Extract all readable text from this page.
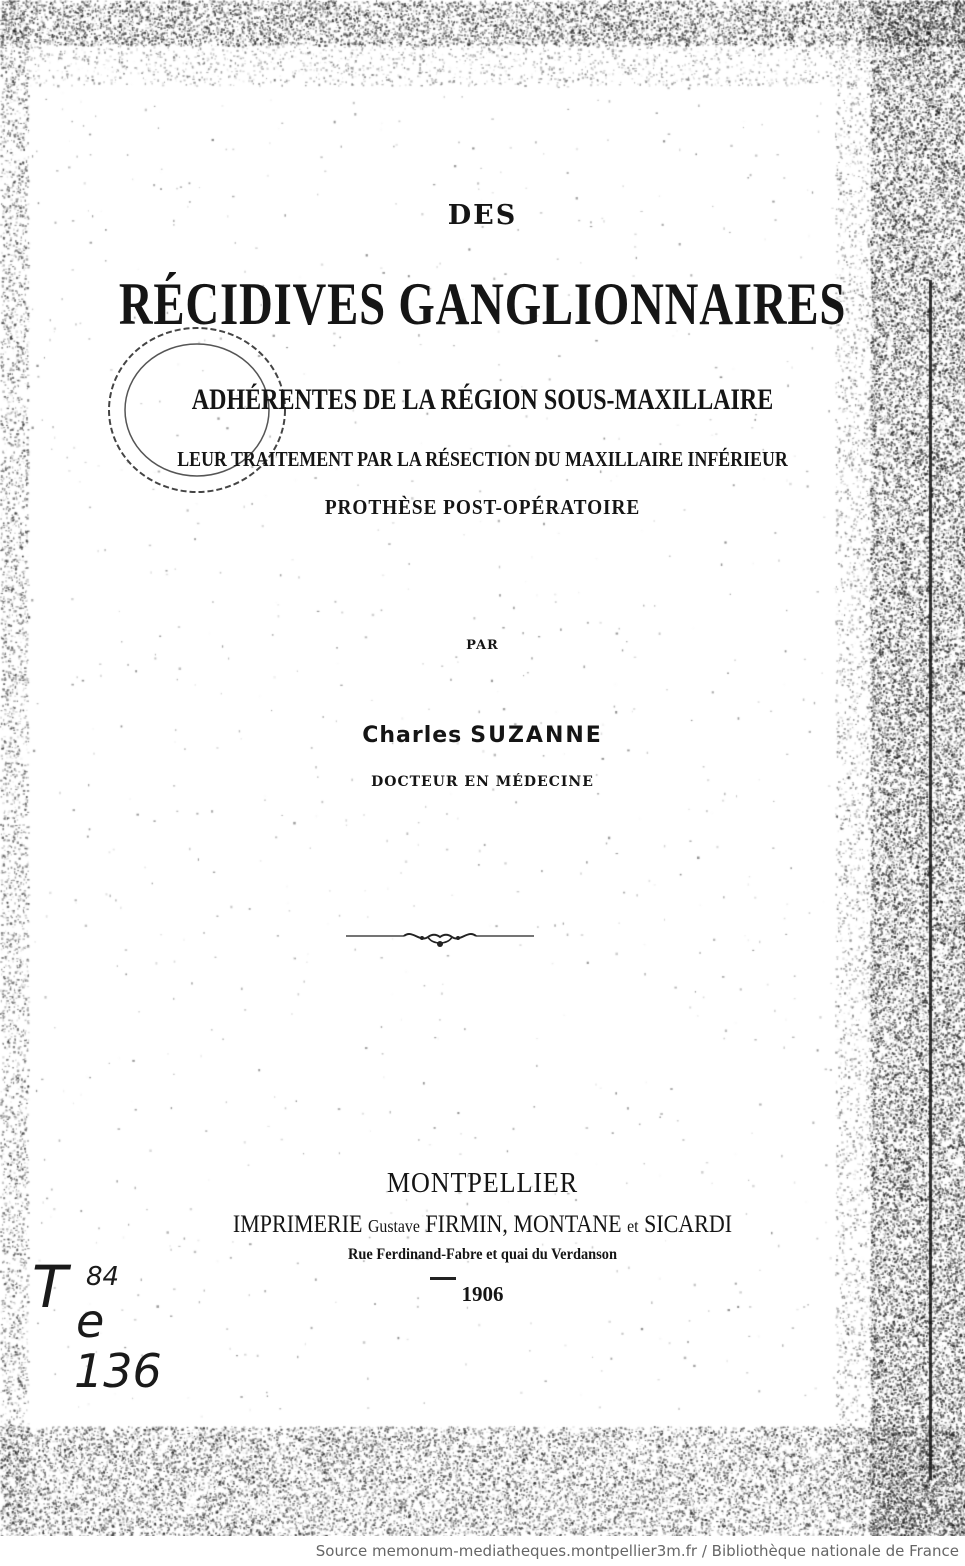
DES

RÉCIDIVES GANGLIONNAIRES

ADHÉRENTES DE LA RÉGION SOUS-MAXILLAIRE

LEUR TRAITEMENT PAR LA RÉSECTION DU MAXILLAIRE INFÉRIEUR

PROTHÈSE POST-OPÉRATOIRE

PAR

Charles SUZANNE

DOCTEUR EN MÉDECINE

MONTPELLIER

IMPRIMERIE Gustave FIRMIN, MONTANE et SICARDI

Rue Ferdinand-Fabre et quai du Verdanson

1906

T 84
e
136
Source memonum-mediatheques.montpellier3m.fr / Bibliothèque nationale de France
